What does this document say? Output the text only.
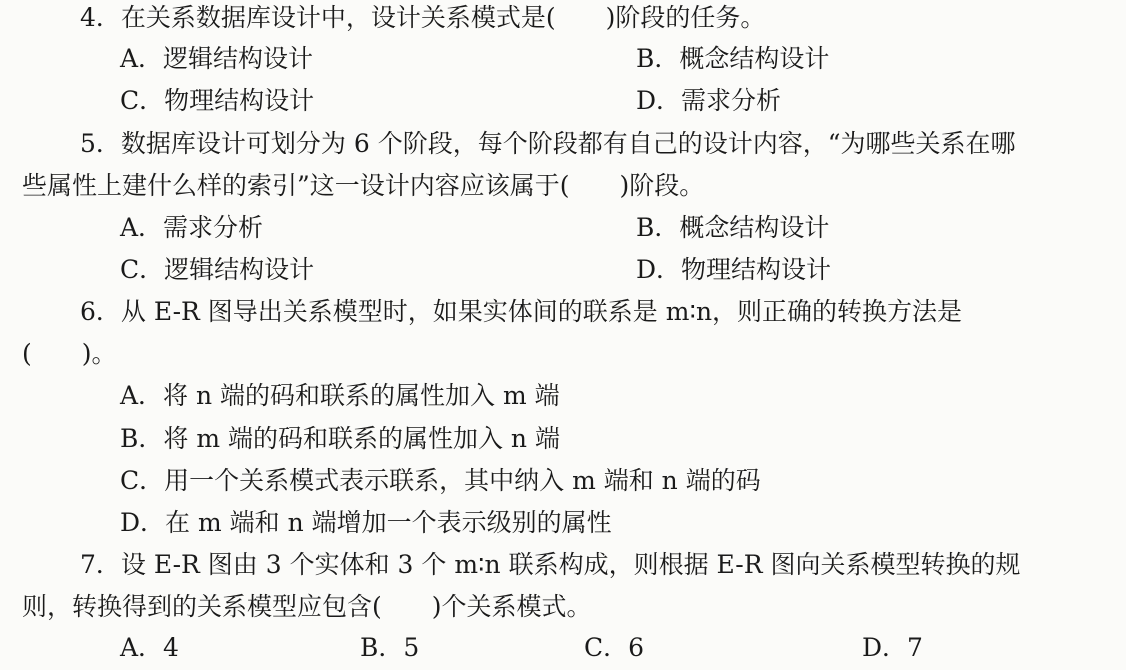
4．在关系数据库设计中，设计关系模式是(　　)阶段的任务。
A．逻辑结构设计	B．概念结构设计
C．物理结构设计	D．需求分析
5．数据库设计可划分为 6 个阶段，每个阶段都有自己的设计内容，“为哪些关系在哪
些属性上建什么样的索引”这一设计内容应该属于(　　)阶段。
A．需求分析	B．概念结构设计
C．逻辑结构设计	D．物理结构设计
6．从 E-R 图导出关系模型时，如果实体间的联系是 m∶n，则正确的转换方法是
(　　)。
A．将 n 端的码和联系的属性加入 m 端
B．将 m 端的码和联系的属性加入 n 端
C．用一个关系模式表示联系，其中纳入 m 端和 n 端的码
D．在 m 端和 n 端增加一个表示级别的属性
7．设 E-R 图由 3 个实体和 3 个 m∶n 联系构成，则根据 E-R 图向关系模型转换的规
则，转换得到的关系模型应包含(　　)个关系模式。
A．4	B．5	C．6	D．7
